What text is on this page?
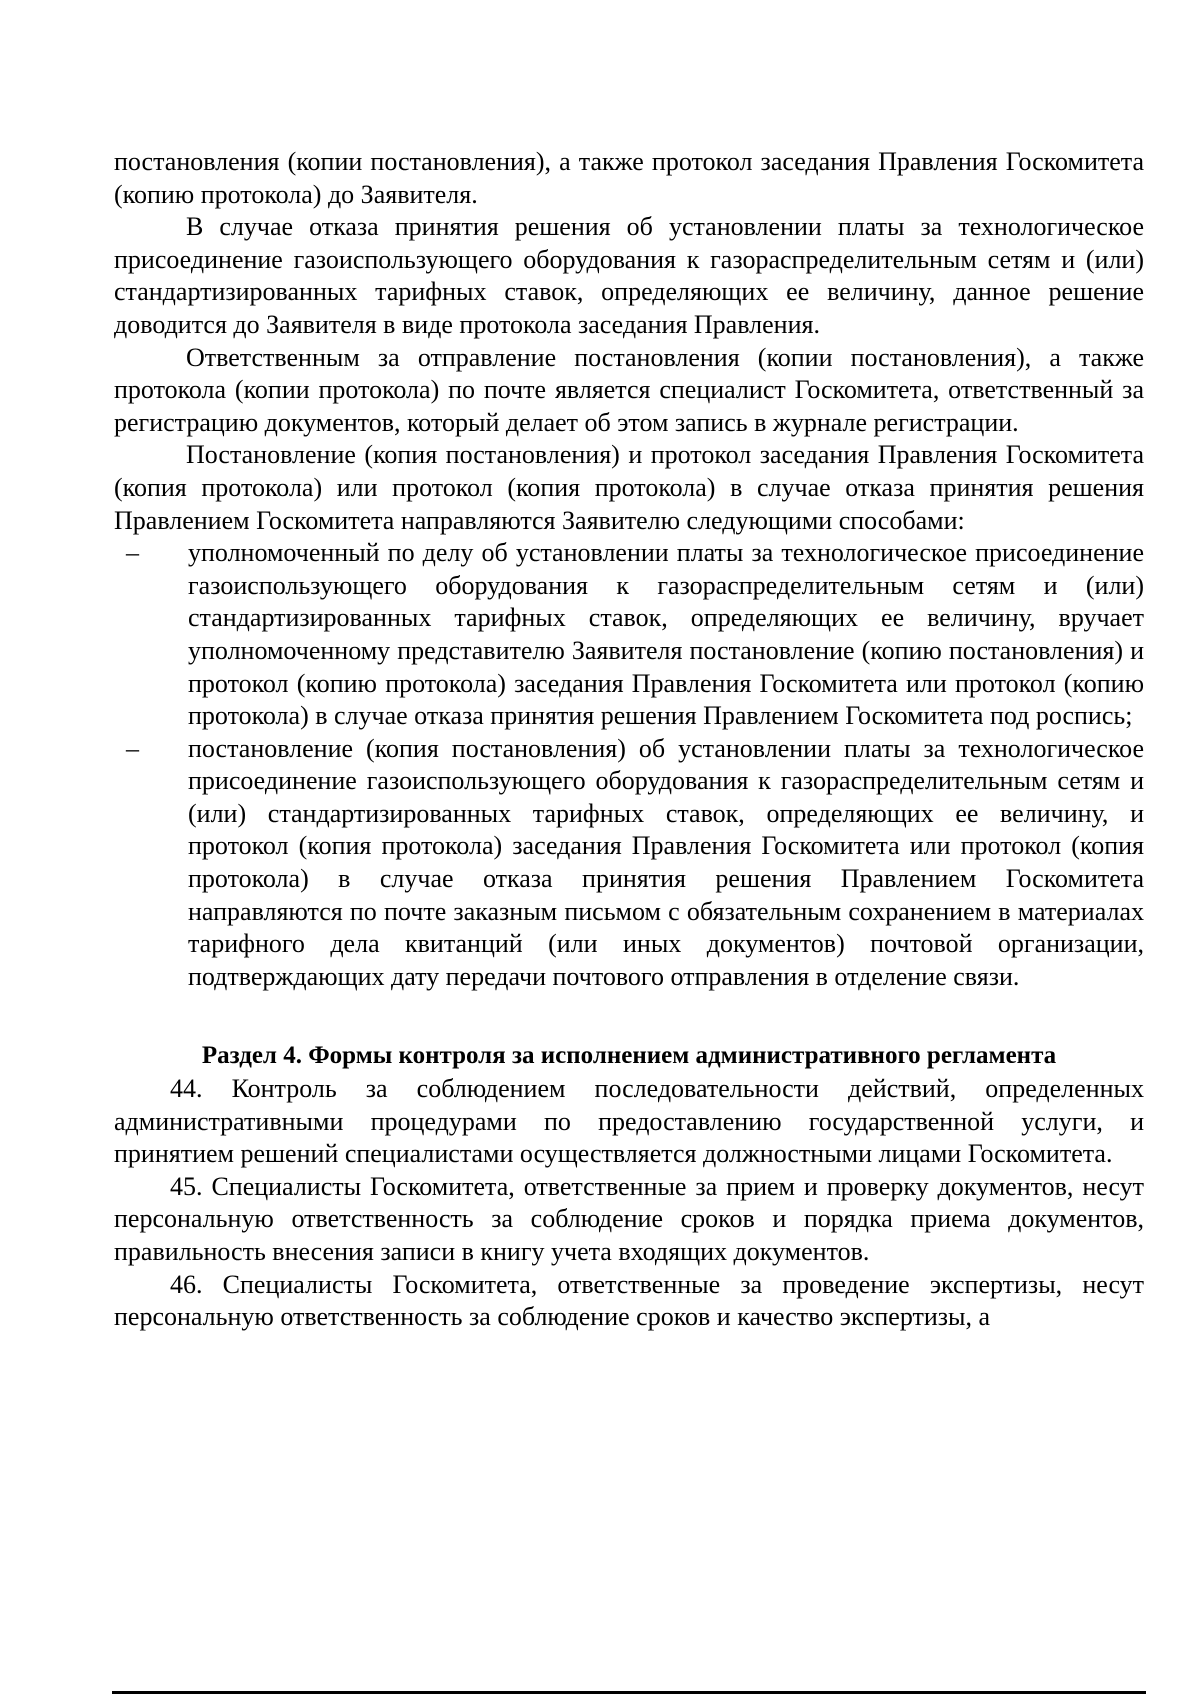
постановления (копии постановления), а также протокол заседания Правления Госкомитета (копию протокола) до Заявителя.

В случае отказа принятия решения об установлении платы за технологическое присоединение газоиспользующего оборудования к газораспределительным сетям и (или) стандартизированных тарифных ставок, определяющих ее величину, данное решение доводится до Заявителя в виде протокола заседания Правления.

Ответственным за отправление постановления (копии постановления), а также протокола (копии протокола) по почте является специалист Госкомитета, ответственный за регистрацию документов, который делает об этом запись в журнале регистрации.

Постановление (копия постановления) и протокол заседания Правления Госкомитета (копия протокола) или протокол (копия протокола) в случае отказа принятия решения Правлением Госкомитета направляются Заявителю следующими способами:

– уполномоченный по делу об установлении платы за технологическое присоединение газоиспользующего оборудования к газораспределительным сетям и (или) стандартизированных тарифных ставок, определяющих ее величину, вручает уполномоченному представителю Заявителя постановление (копию постановления) и протокол (копию протокола) заседания Правления Госкомитета или протокол (копию протокола) в случае отказа принятия решения Правлением Госкомитета под роспись;
– постановление (копия постановления) об установлении платы за технологическое присоединение газоиспользующего оборудования к газораспределительным сетям и (или) стандартизированных тарифных ставок, определяющих ее величину, и протокол (копия протокола) заседания Правления Госкомитета или протокол (копия протокола) в случае отказа принятия решения Правлением Госкомитета направляются по почте заказным письмом с обязательным сохранением в материалах тарифного дела квитанций (или иных документов) почтовой организации, подтверждающих дату передачи почтового отправления в отделение связи.
Раздел 4. Формы контроля за исполнением административного регламента

44. Контроль за соблюдением последовательности действий, определенных административными процедурами по предоставлению государственной услуги, и принятием решений специалистами осуществляется должностными лицами Госкомитета.

45. Специалисты Госкомитета, ответственные за прием и проверку документов, несут персональную ответственность за соблюдение сроков и порядка приема документов, правильность внесения записи в книгу учета входящих документов.

46. Специалисты Госкомитета, ответственные за проведение экспертизы, несут персональную ответственность за соблюдение сроков и качество экспертизы, а
